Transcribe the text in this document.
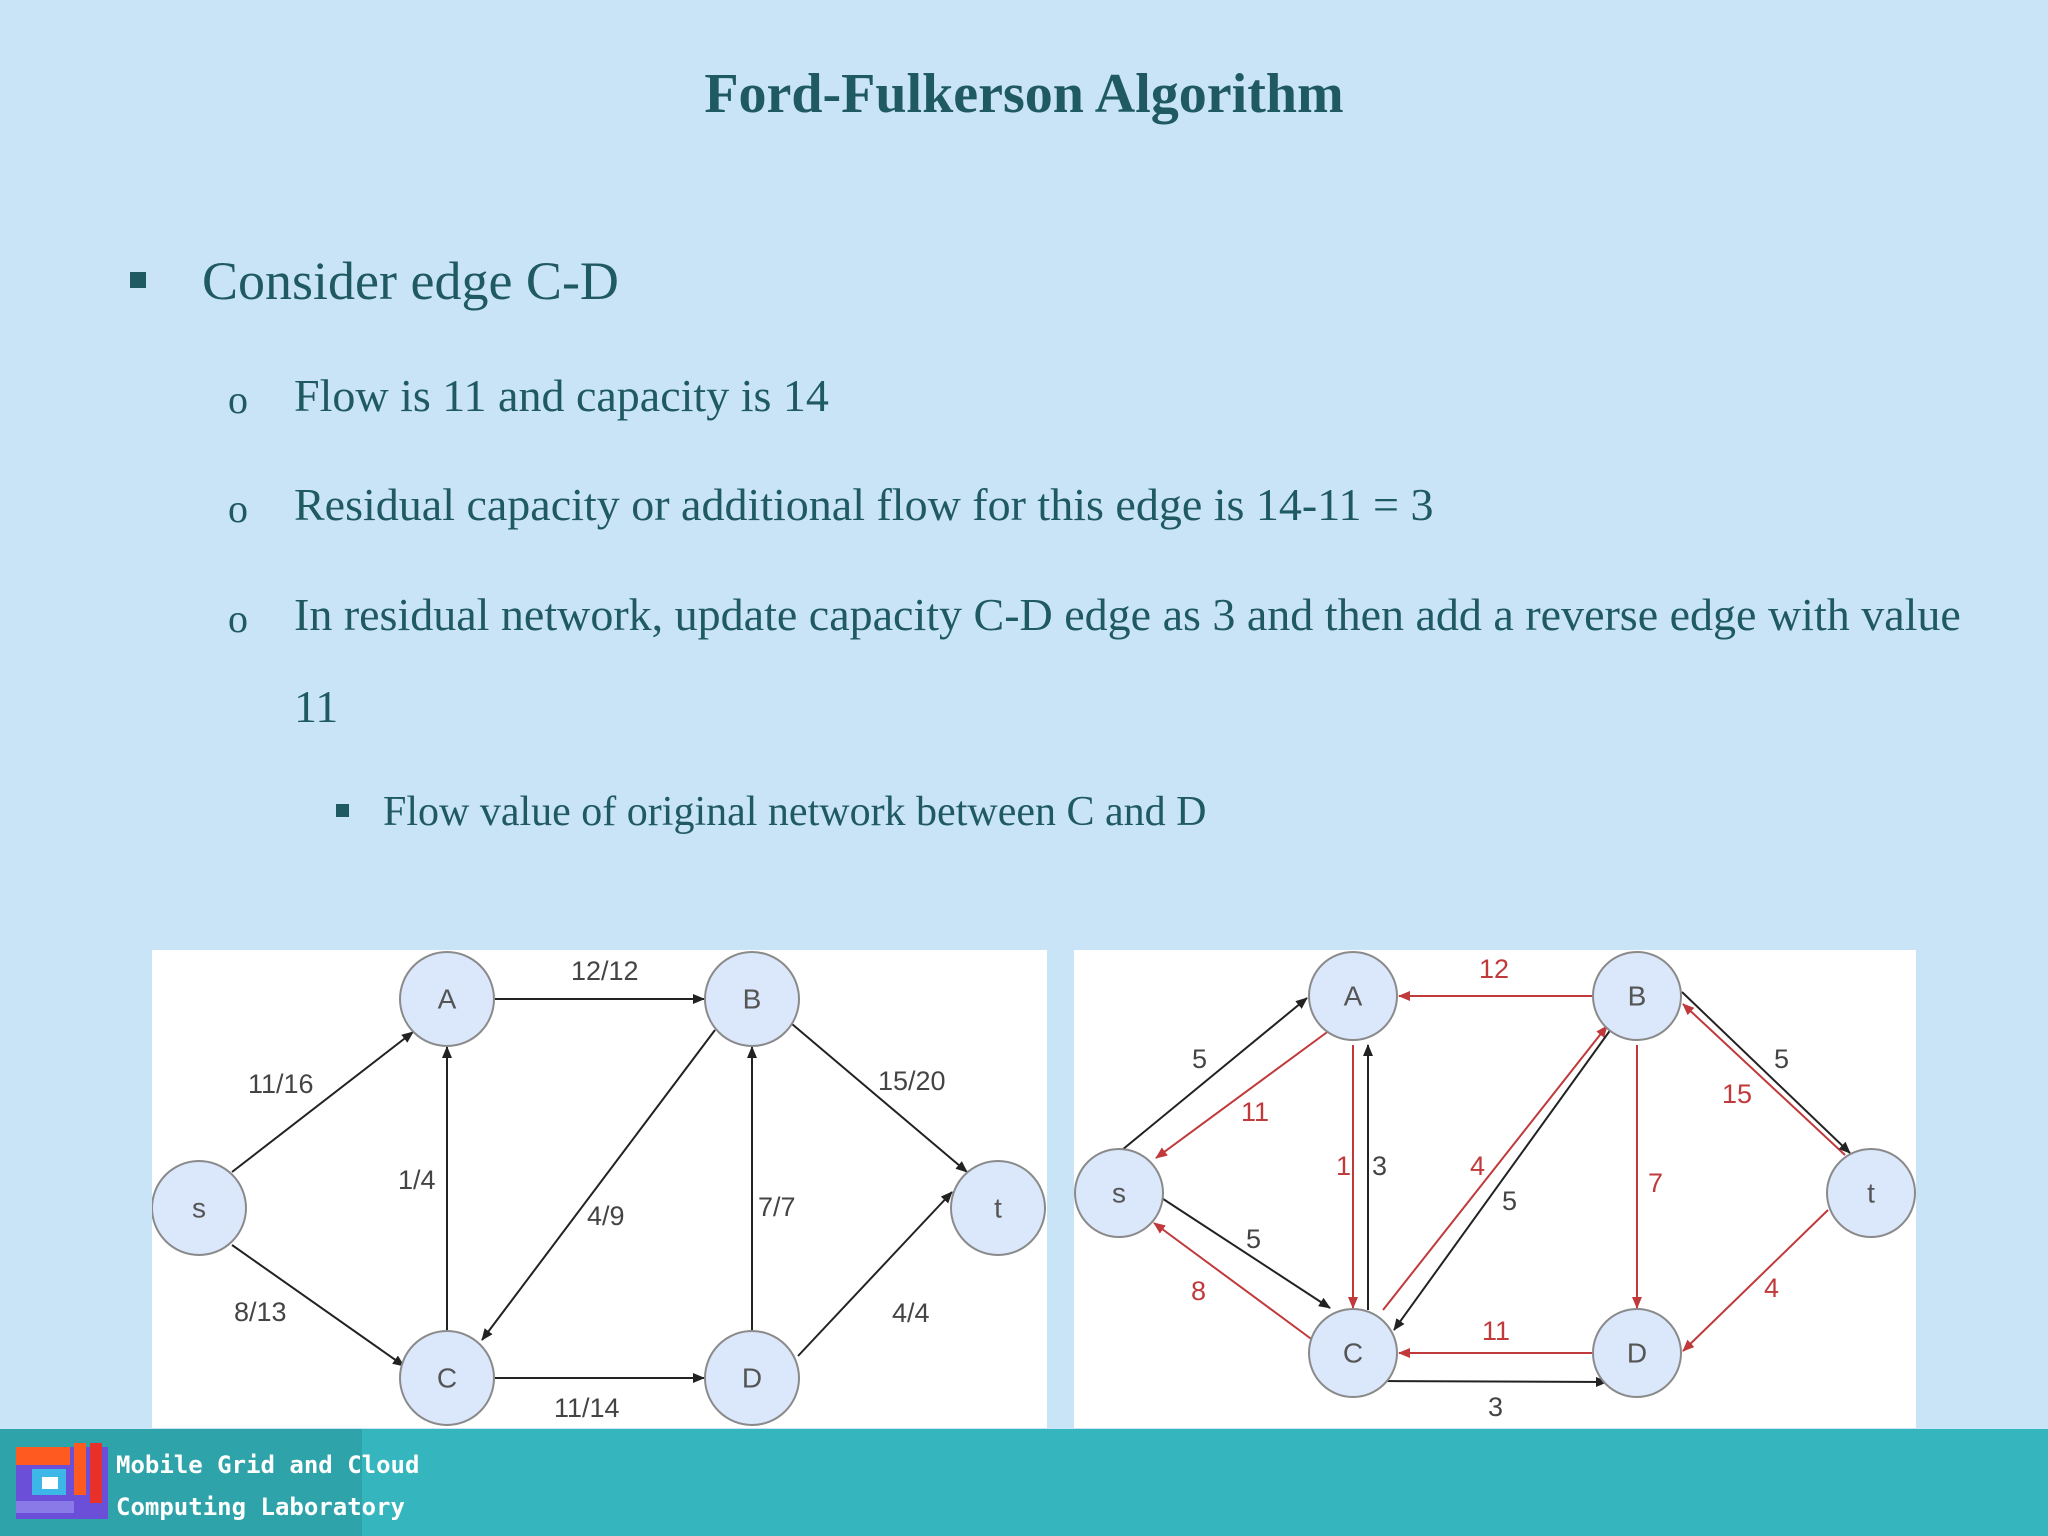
Ford-Fulkerson Algorithm
Consider edge C-D
o Flow is 11 and capacity is 14
o Residual capacity or additional flow for this edge is 14-11 = 3
o In residual network, update capacity C-D edge as 3 and then add a reverse edge with value 11
Flow value of original network between C and D
A	B
s	t
C	D
12/12
11/16	15/20
1/4
4/9	7/7
8/13	4/4
11/14
A	B
s	t
C	D
12
5
11
1 3	4
5
7
5
15
5
8
11
3
4
Mobile Grid and Cloud
Computing Laboratory
